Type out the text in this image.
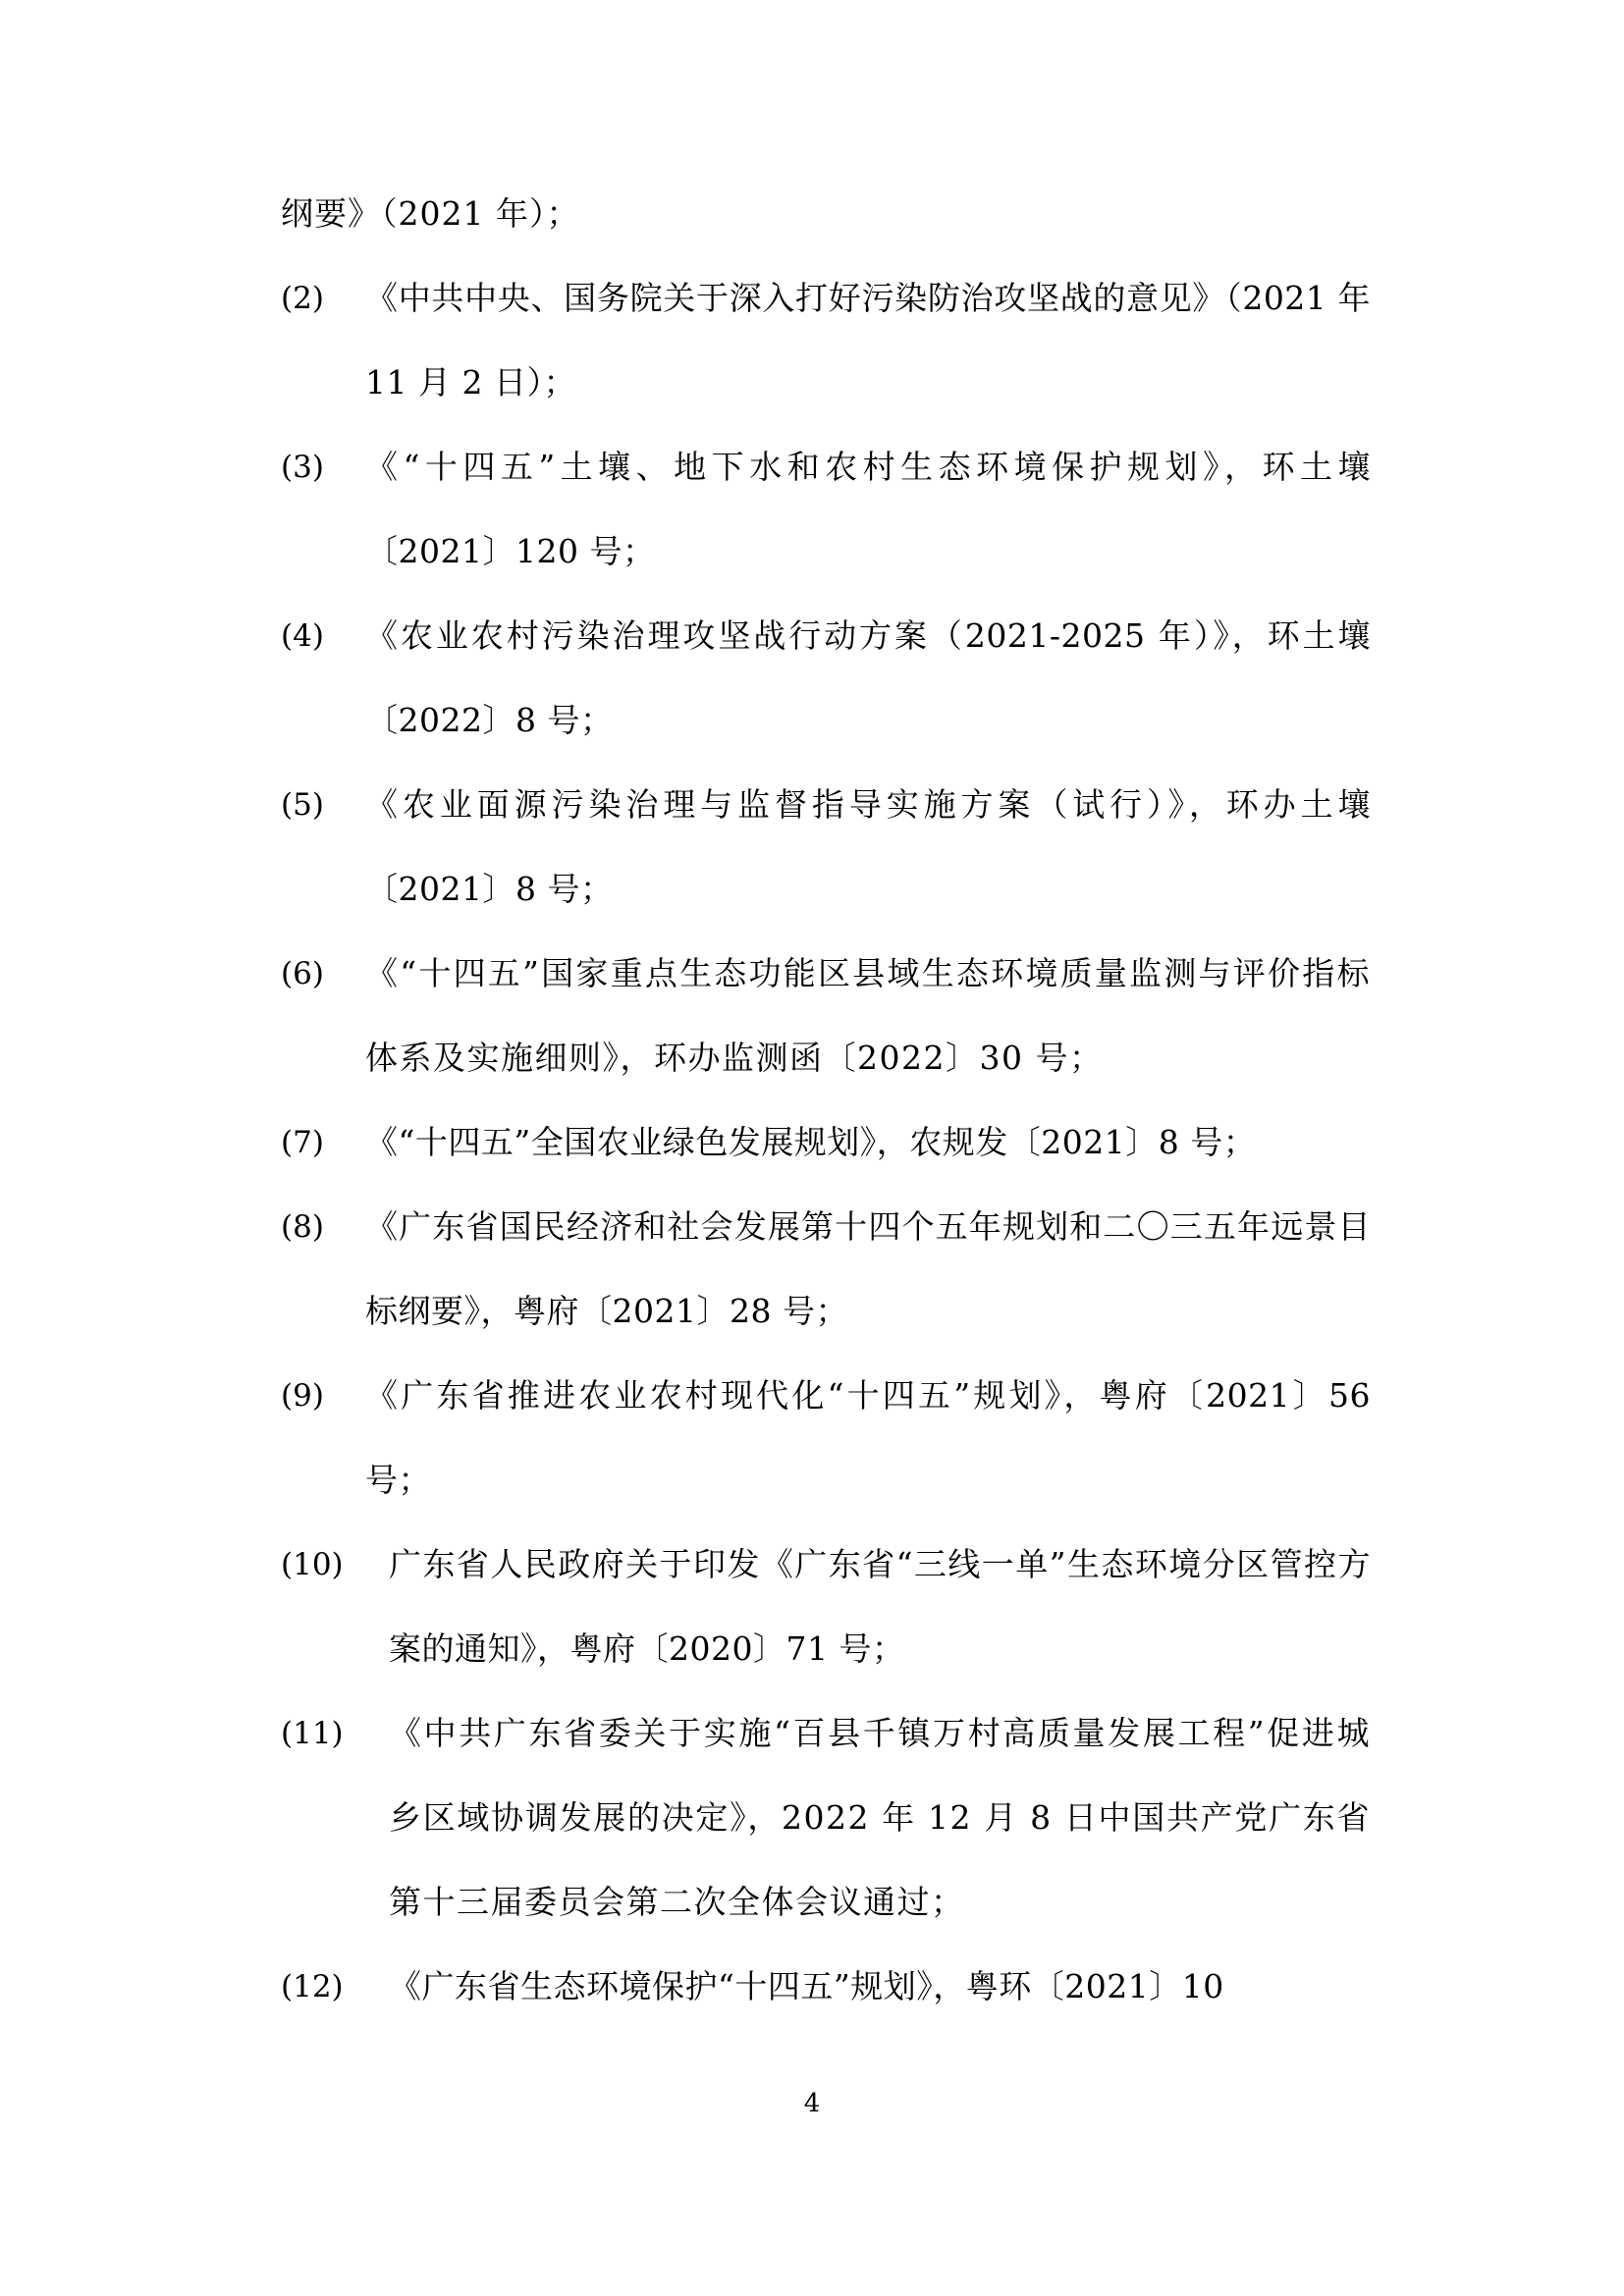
纲要》（2021 年）；
(2)	《中共中央、国务院关于深入打好污染防治攻坚战的意见》（2021 年 11 月 2 日）；
(3)	《“十四五”土壤、地下水和农村生态环境保护规划》，环土壤〔2021〕120 号；
(4)	《农业农村污染治理攻坚战行动方案（2021-2025 年）》，环土壤〔2022〕8 号；
(5)	《农业面源污染治理与监督指导实施方案（试行）》，环办土壤〔2021〕8 号；
(6)	《“十四五”国家重点生态功能区县域生态环境质量监测与评价指标体系及实施细则》，环办监测函〔2022〕30 号；
(7)	《“十四五”全国农业绿色发展规划》，农规发〔2021〕8 号；
(8)	《广东省国民经济和社会发展第十四个五年规划和二〇三五年远景目标纲要》，粤府〔2021〕28 号；
(9)	《广东省推进农业农村现代化“十四五”规划》，粤府〔2021〕56 号；
(10)	广东省人民政府关于印发《广东省“三线一单”生态环境分区管控方案的通知》，粤府〔2020〕71 号；
(11)	《中共广东省委关于实施“百县千镇万村高质量发展工程”促进城乡区域协调发展的决定》，2022 年 12 月 8 日中国共产党广东省第十三届委员会第二次全体会议通过；
(12)	《广东省生态环境保护“十四五”规划》，粤环〔2021〕10
4
